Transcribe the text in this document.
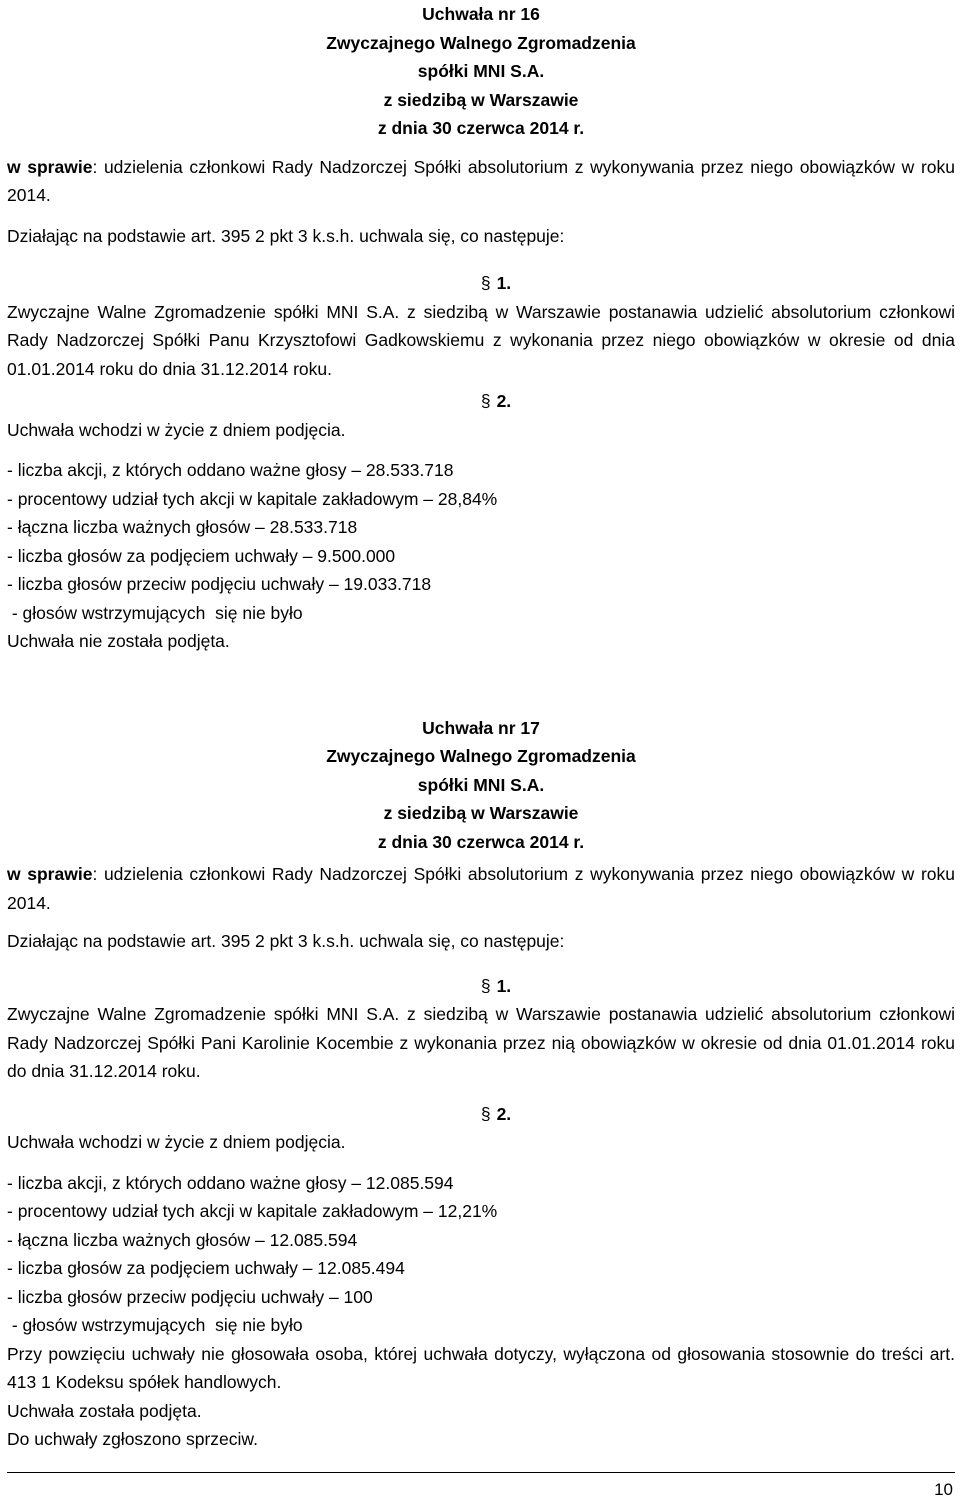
Uchwała nr 16
Zwyczajnego Walnego Zgromadzenia
spółki MNI S.A.
z siedzibą w Warszawie
z dnia 30 czerwca 2014 r.
w sprawie: udzielenia członkowi Rady Nadzorczej Spółki absolutorium z wykonywania przez niego obowiązków w roku 2014.
Działając na podstawie art. 395 2 pkt 3 k.s.h. uchwala się, co następuje:
§ 1.
Zwyczajne Walne Zgromadzenie spółki MNI S.A. z siedzibą w Warszawie postanawia udzielić absolutorium członkowi Rady Nadzorczej Spółki Panu Krzysztofowi Gadkowskiemu z wykonania przez niego obowiązków w okresie od dnia 01.01.2014 roku do dnia 31.12.2014 roku.
§ 2.
Uchwała wchodzi w życie z dniem podjęcia.
- liczba akcji, z których oddano ważne głosy – 28.533.718
- procentowy udział tych akcji w kapitale zakładowym – 28,84%
- łączna liczba ważnych głosów – 28.533.718
- liczba głosów za podjęciem uchwały – 9.500.000
- liczba głosów przeciw podjęciu uchwały – 19.033.718
- głosów wstrzymujących  się nie było
Uchwała nie została podjęta.
Uchwała nr 17
Zwyczajnego Walnego Zgromadzenia
spółki MNI S.A.
z siedzibą w Warszawie
z dnia 30 czerwca 2014 r.
w sprawie: udzielenia członkowi Rady Nadzorczej Spółki absolutorium z wykonywania przez niego obowiązków w roku 2014.
Działając na podstawie art. 395 2 pkt 3 k.s.h. uchwala się, co następuje:
§ 1.
Zwyczajne Walne Zgromadzenie spółki MNI S.A. z siedzibą w Warszawie postanawia udzielić absolutorium członkowi Rady Nadzorczej Spółki Pani Karolinie Kocembie z wykonania przez nią obowiązków w okresie od dnia 01.01.2014 roku do dnia 31.12.2014 roku.
§ 2.
Uchwała wchodzi w życie z dniem podjęcia.
- liczba akcji, z których oddano ważne głosy – 12.085.594
- procentowy udział tych akcji w kapitale zakładowym – 12,21%
- łączna liczba ważnych głosów – 12.085.594
- liczba głosów za podjęciem uchwały – 12.085.494
- liczba głosów przeciw podjęciu uchwały – 100
- głosów wstrzymujących  się nie było
Przy powzięciu uchwały nie głosowała osoba, której uchwała dotyczy, wyłączona od głosowania stosownie do treści art. 413 1 Kodeksu spółek handlowych.
Uchwała została podjęta.
Do uchwały zgłoszono sprzeciw.
10
